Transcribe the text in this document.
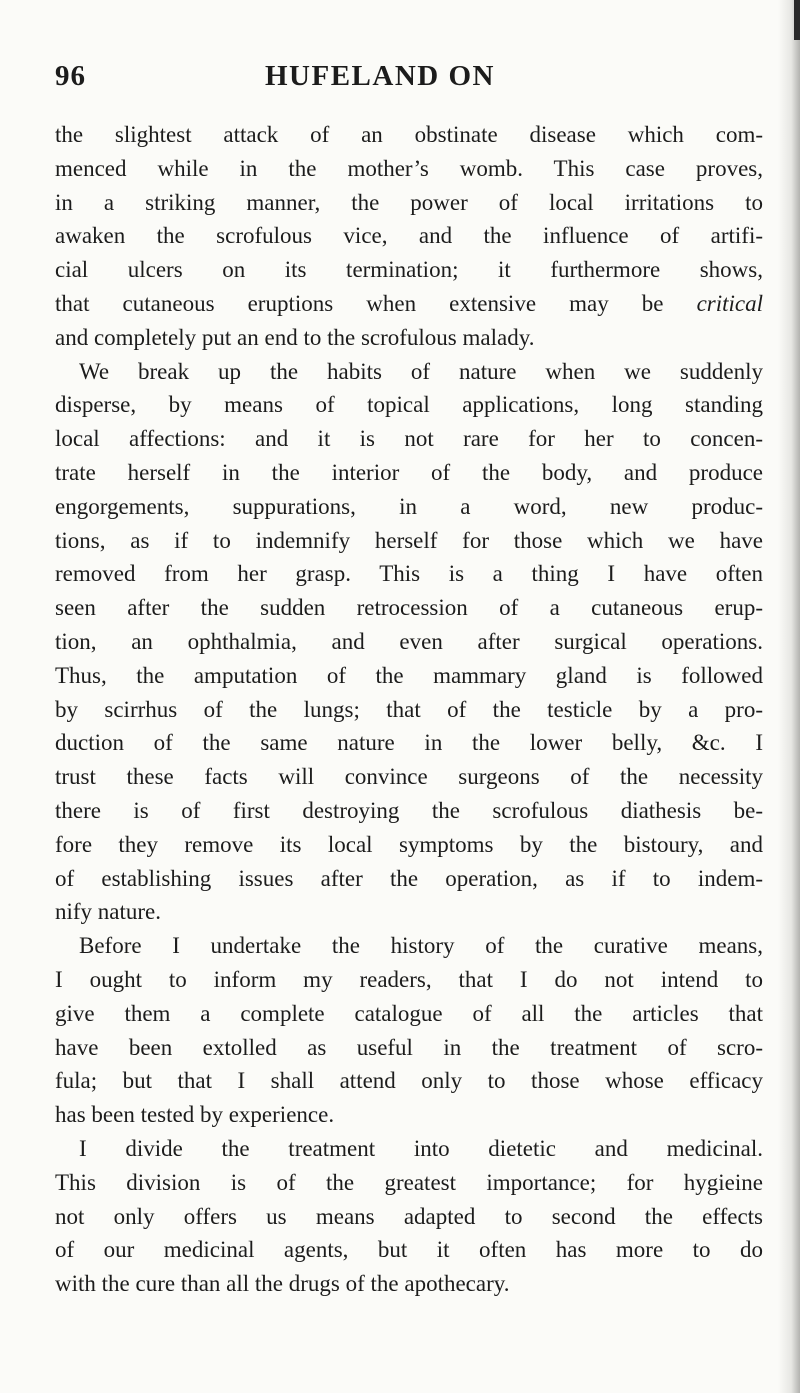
96	HUFELAND ON
the slightest attack of an obstinate disease which com-
menced while in the mother’s womb. This case proves,
in a striking manner, the power of local irritations to
awaken the scrofulous vice, and the influence of artifi-
cial ulcers on its termination; it furthermore shows,
that cutaneous eruptions when extensive may be critical
and completely put an end to the scrofulous malady.
We break up the habits of nature when we suddenly
disperse, by means of topical applications, long standing
local affections: and it is not rare for her to concen-
trate herself in the interior of the body, and produce
engorgements, suppurations, in a word, new produc-
tions, as if to indemnify herself for those which we have
removed from her grasp. This is a thing I have often
seen after the sudden retrocession of a cutaneous erup-
tion, an ophthalmia, and even after surgical operations.
Thus, the amputation of the mammary gland is followed
by scirrhus of the lungs; that of the testicle by a pro-
duction of the same nature in the lower belly, &c. I
trust these facts will convince surgeons of the necessity
there is of first destroying the scrofulous diathesis be-
fore they remove its local symptoms by the bistoury, and
of establishing issues after the operation, as if to indem-
nify nature.
Before I undertake the history of the curative means,
I ought to inform my readers, that I do not intend to
give them a complete catalogue of all the articles that
have been extolled as useful in the treatment of scro-
fula; but that I shall attend only to those whose efficacy
has been tested by experience.
I divide the treatment into dietetic and medicinal.
This division is of the greatest importance; for hygieine
not only offers us means adapted to second the effects
of our medicinal agents, but it often has more to do
with the cure than all the drugs of the apothecary.
